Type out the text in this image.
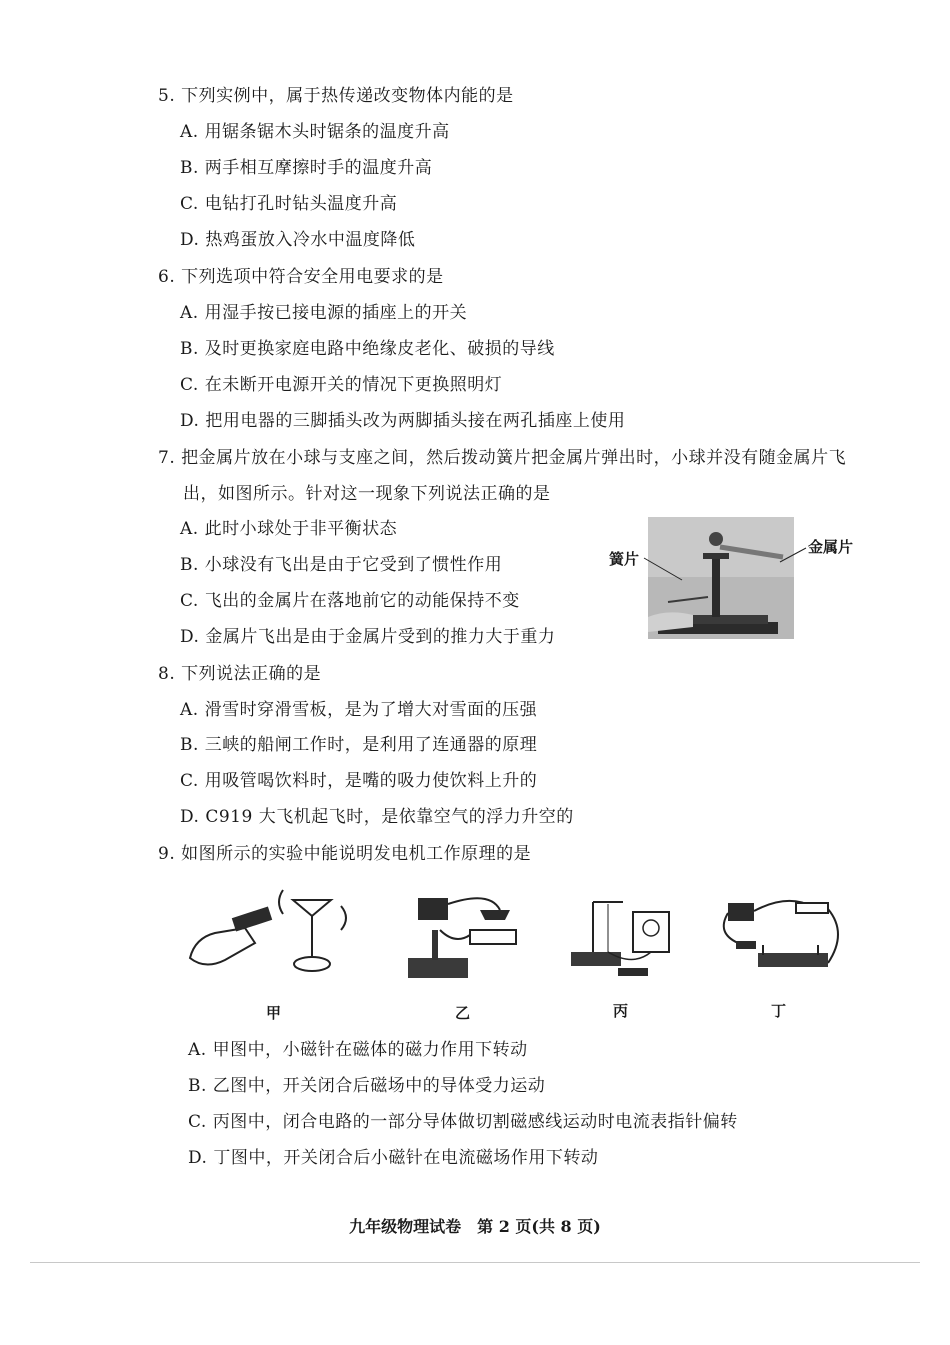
5. 下列实例中，属于热传递改变物体内能的是
A. 用锯条锯木头时锯条的温度升高
B. 两手相互摩擦时手的温度升高
C. 电钻打孔时钻头温度升高
D. 热鸡蛋放入冷水中温度降低
6. 下列选项中符合安全用电要求的是
A. 用湿手按已接电源的插座上的开关
B. 及时更换家庭电路中绝缘皮老化、破损的导线
C. 在未断开电源开关的情况下更换照明灯
D. 把用电器的三脚插头改为两脚插头接在两孔插座上使用
7. 把金属片放在小球与支座之间，然后拨动簧片把金属片弹出时，小球并没有随金属片飞
出，如图所示。针对这一现象下列说法正确的是
A. 此时小球处于非平衡状态
B. 小球没有飞出是由于它受到了惯性作用
C. 飞出的金属片在落地前它的动能保持不变
D. 金属片飞出是由于金属片受到的推力大于重力
簧片
金属片
8. 下列说法正确的是
A. 滑雪时穿滑雪板，是为了增大对雪面的压强
B. 三峡的船闸工作时，是利用了连通器的原理
C. 用吸管喝饮料时，是嘴的吸力使饮料上升的
D. C919 大飞机起飞时，是依靠空气的浮力升空的
9. 如图所示的实验中能说明发电机工作原理的是
甲	乙	丙	丁
A. 甲图中，小磁针在磁体的磁力作用下转动
B. 乙图中，开关闭合后磁场中的导体受力运动
C. 丙图中，闭合电路的一部分导体做切割磁感线运动时电流表指针偏转
D. 丁图中，开关闭合后小磁针在电流磁场作用下转动
九年级物理试卷　第 2 页(共 8 页)
